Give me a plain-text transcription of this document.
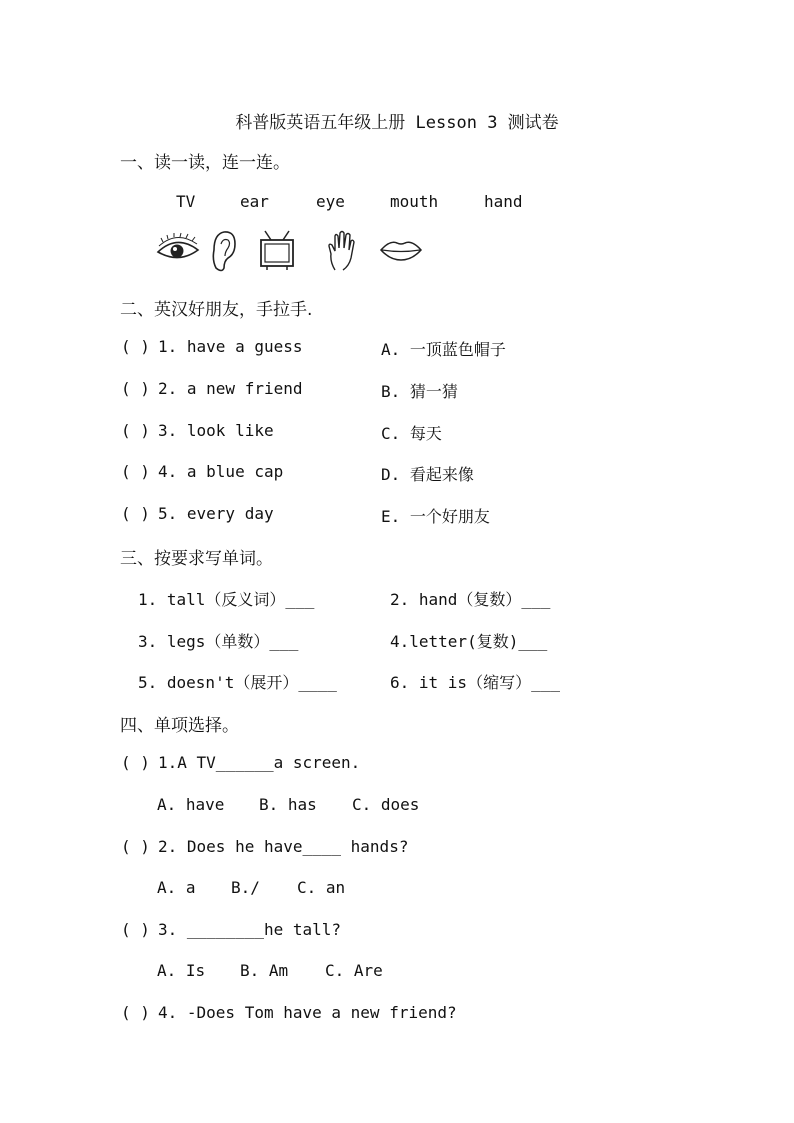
科普版英语五年级上册 Lesson 3 测试卷
一、读一读，连一连。
TV	ear	eye	mouth	hand
二、英汉好朋友，手拉手.
( ) 1. have a guess	A. 一顶蓝色帽子
( ) 2. a new friend	B. 猜一猜
( ) 3. look like	C. 每天
( ) 4. a blue cap	D. 看起来像
( ) 5. every day	E. 一个好朋友
三、按要求写单词。
1. tall（反义词）___	2. hand（复数）___
3. legs（单数）___	4.letter(复数)___
5. doesn't（展开）____	6. it is（缩写）___
四、单项选择。
( ) 1.A TV______a screen.
A. have B. has C. does
( ) 2. Does he have____ hands?
A. a B./ C. an
( ) 3. ________he tall?
A. Is B. Am C. Are
( ) 4. -Does Tom have a new friend?
